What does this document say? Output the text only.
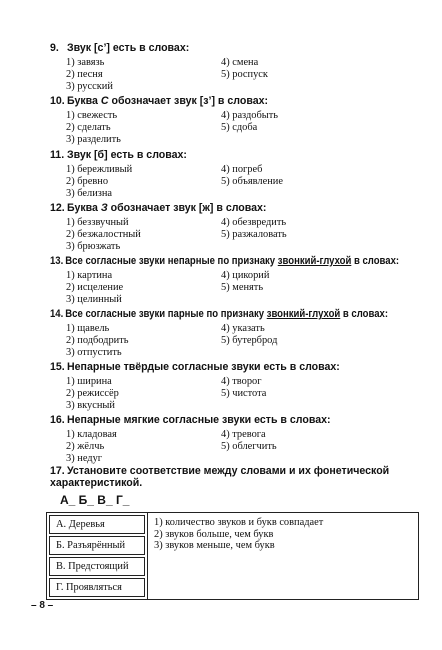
9. Звук [с’] есть в словах:
1) завязь
2) песня
3) русский
4) смена
5) роспуск
10. Буква С обозначает звук [з’] в словах:
1) свежесть
2) сделать
3) разделить
4) раздобыть
5) сдоба
11. Звук [б] есть в словах:
1) бережливый
2) бревно
3) белизна
4) погреб
5) объявление
12. Буква З обозначает звук [ж] в словах:
1) беззвучный
2) безжалостный
3) брюзжать
4) обезвредить
5) разжаловать
13. Все согласные звуки непарные по признаку звонкий-глухой в словах:
1) картина
2) исцеление
3) целинный
4) цикорий
5) менять
14. Все согласные звуки парные по признаку звонкий-глухой в словах:
1) щавель
2) подбодрить
3) отпустить
4) указать
5) бутерброд
15. Непарные твёрдые согласные звуки есть в словах:
1) ширина
2) режиссёр
3) вкусный
4) творог
5) чистота
16. Непарные мягкие согласные звуки есть в словах:
1) кладовая
2) жёлчь
3) недуг
4) тревога
5) облегчить
17. Установите соответствие между словами и их фонетической характеристикой.
А_ Б_ В_ Г_
А. Деревья
Б. Разъярённый
В. Предстоящий
Г. Проявляться

1) количество звуков и букв совпадает
2) звуков больше, чем букв
3) звуков меньше, чем букв
– 8 –
